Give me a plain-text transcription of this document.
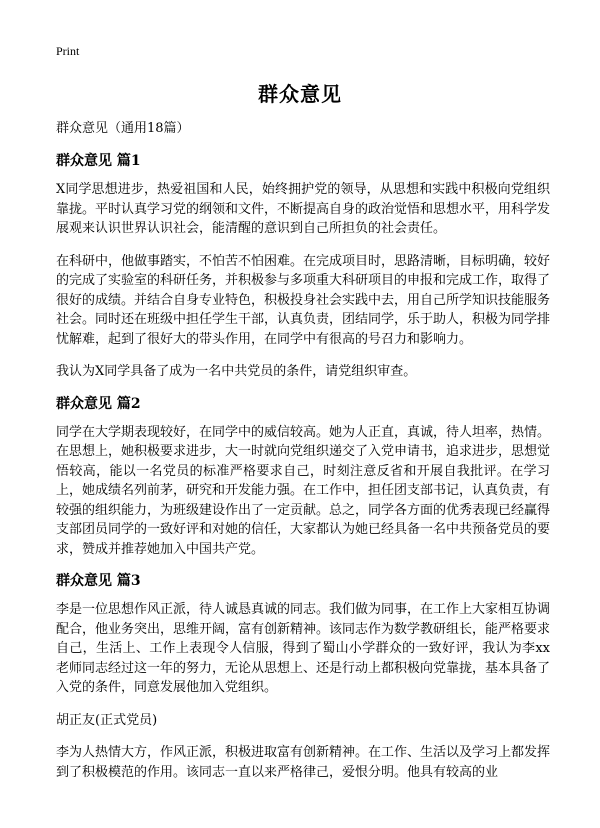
Print
群众意见
群众意见（通用18篇）
群众意见 篇1

X同学思想进步，热爱祖国和人民，始终拥护党的领导，从思想和实践中积极向党组织靠拢。平时认真学习党的纲领和文件，不断提高自身的政治觉悟和思想水平，用科学发展观来认识世界认识社会，能清醒的意识到自己所担负的社会责任。

在科研中，他做事踏实，不怕苦不怕困难。在完成项目时，思路清晰，目标明确，较好的完成了实验室的科研任务，并积极参与多项重大科研项目的申报和完成工作，取得了很好的成绩。并结合自身专业特色，积极投身社会实践中去，用自己所学知识技能服务社会。同时还在班级中担任学生干部，认真负责，团结同学，乐于助人，积极为同学排忧解难，起到了很好大的带头作用，在同学中有很高的号召力和影响力。

我认为X同学具备了成为一名中共党员的条件，请党组织审查。

群众意见 篇2

同学在大学期表现较好，在同学中的威信较高。她为人正直，真诚，待人坦率，热情。在思想上，她积极要求进步，大一时就向党组织递交了入党申请书，追求进步，思想觉悟较高，能以一名党员的标准严格要求自己，时刻注意反省和开展自我批评。在学习上，她成绩名列前茅，研究和开发能力强。在工作中，担任团支部书记，认真负责，有较强的组织能力，为班级建设作出了一定贡献。总之，同学各方面的优秀表现已经赢得支部团员同学的一致好评和对她的信任，大家都认为她已经具备一名中共预备党员的要求，赞成并推荐她加入中国共产党。

群众意见 篇3

李是一位思想作风正派，待人诚恳真诚的同志。我们做为同事，在工作上大家相互协调配合，他业务突出，思维开阔，富有创新精神。该同志作为数学教研组长，能严格要求自己，生活上、工作上表现令人信服，得到了蜀山小学群众的一致好评，我认为李xx老师同志经过这一年的努力，无论从思想上、还是行动上都积极向党靠拢，基本具备了入党的条件，同意发展他加入党组织。

胡正友(正式党员)

李为人热情大方，作风正派，积极进取富有创新精神。在工作、生活以及学习上都发挥到了积极模范的作用。该同志一直以来严格律己，爱恨分明。他具有较高的业
